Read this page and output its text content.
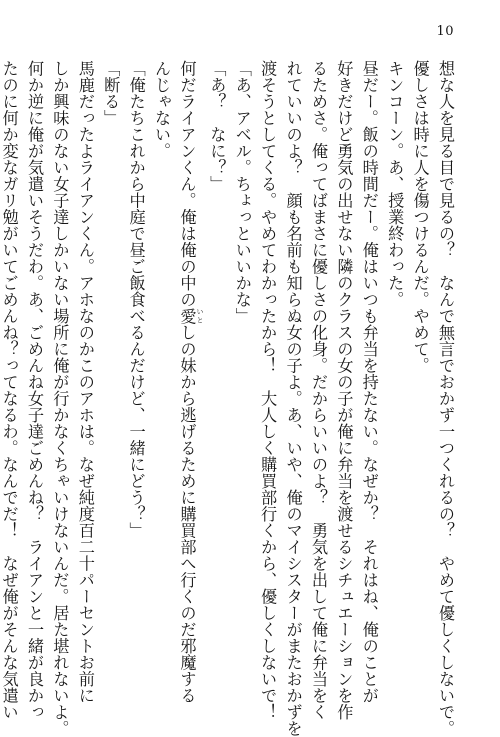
10

想な人を見る目で見るの？　なんで無言でおかず一つくれるの？　やめて優しくしないで。

優しさは時に人を傷つけるんだ。やめて。

キンコーン。あ、授業終わった。

昼だー。飯の時間だー。俺はいつも弁当を持たない。なぜか？　それはね、俺のことが

好きだけど勇気の出せない隣のクラスの女の子が俺に弁当を渡せるシチュエーションを作

るためさ。俺ってばまさに優しさの化身。だからいいのよ？　勇気を出して俺に弁当をく

れていいのよ？　顔も名前も知らぬ女の子よ。あ、いや、俺のマイシスターがまたおかずを

渡そうとしてくる。やめてわかったから！　大人しく購買部行くから、優しくしないで！

「あ、アベル。ちょっといいかな」

「あ？　なに？」

何だライアンくん。俺は俺の中の愛 いとしの妹から逃げるために購買部へ行くのだ邪魔する

んじゃない。

「俺たちこれから中庭で昼ご飯食べるんだけど、一緒にどう？」

「断る」

馬鹿だったよライアンくん。アホなのかこのアホは。なぜ純度百二十パーセントお前に

しか興味のない女子達しかいない場所に俺が行かなくちゃいけないんだ。居た堪れないよ。

何か逆に俺が気遣いそうだわ。あ、ごめんね女子達ごめんね？　ライアンと一緒が良かっ

たのに何か変なガリ勉がいてごめんね？ってなるわ。なんでだ！　なぜ俺がそんな気遣い
